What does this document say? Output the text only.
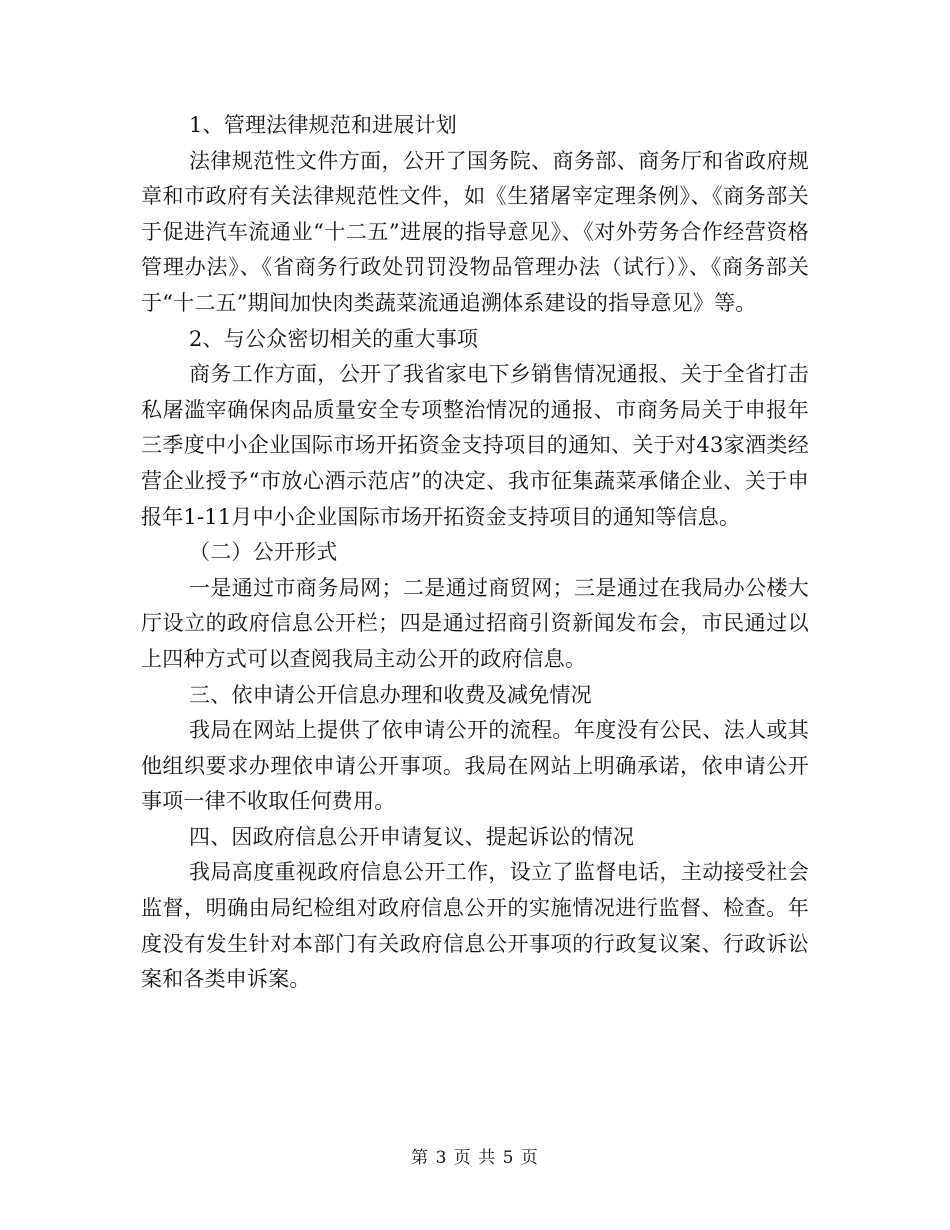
1、管理法律规范和进展计划

法律规范性文件方面，公开了国务院、商务部、商务厅和省政府规章和市政府有关法律规范性文件，如《生猪屠宰定理条例》、《商务部关于促进汽车流通业“十二五”进展的指导意见》、《对外劳务合作经营资格管理办法》、《省商务行政处罚罚没物品管理办法（试行）》、《商务部关于“十二五”期间加快肉类蔬菜流通追溯体系建设的指导意见》等。

2、与公众密切相关的重大事项

商务工作方面，公开了我省家电下乡销售情况通报、关于全省打击私屠滥宰确保肉品质量安全专项整治情况的通报、市商务局关于申报年三季度中小企业国际市场开拓资金支持项目的通知、关于对43家酒类经营企业授予“市放心酒示范店”的决定、我市征集蔬菜承储企业、关于申报年1-11月中小企业国际市场开拓资金支持项目的通知等信息。

（二）公开形式

一是通过市商务局网；二是通过商贸网；三是通过在我局办公楼大厅设立的政府信息公开栏；四是通过招商引资新闻发布会，市民通过以上四种方式可以查阅我局主动公开的政府信息。

三、依申请公开信息办理和收费及减免情况

我局在网站上提供了依申请公开的流程。年度没有公民、法人或其他组织要求办理依申请公开事项。我局在网站上明确承诺，依申请公开事项一律不收取任何费用。

四、因政府信息公开申请复议、提起诉讼的情况

我局高度重视政府信息公开工作，设立了监督电话，主动接受社会监督，明确由局纪检组对政府信息公开的实施情况进行监督、检查。年度没有发生针对本部门有关政府信息公开事项的行政复议案、行政诉讼案和各类申诉案。

第 3 页 共 5 页
